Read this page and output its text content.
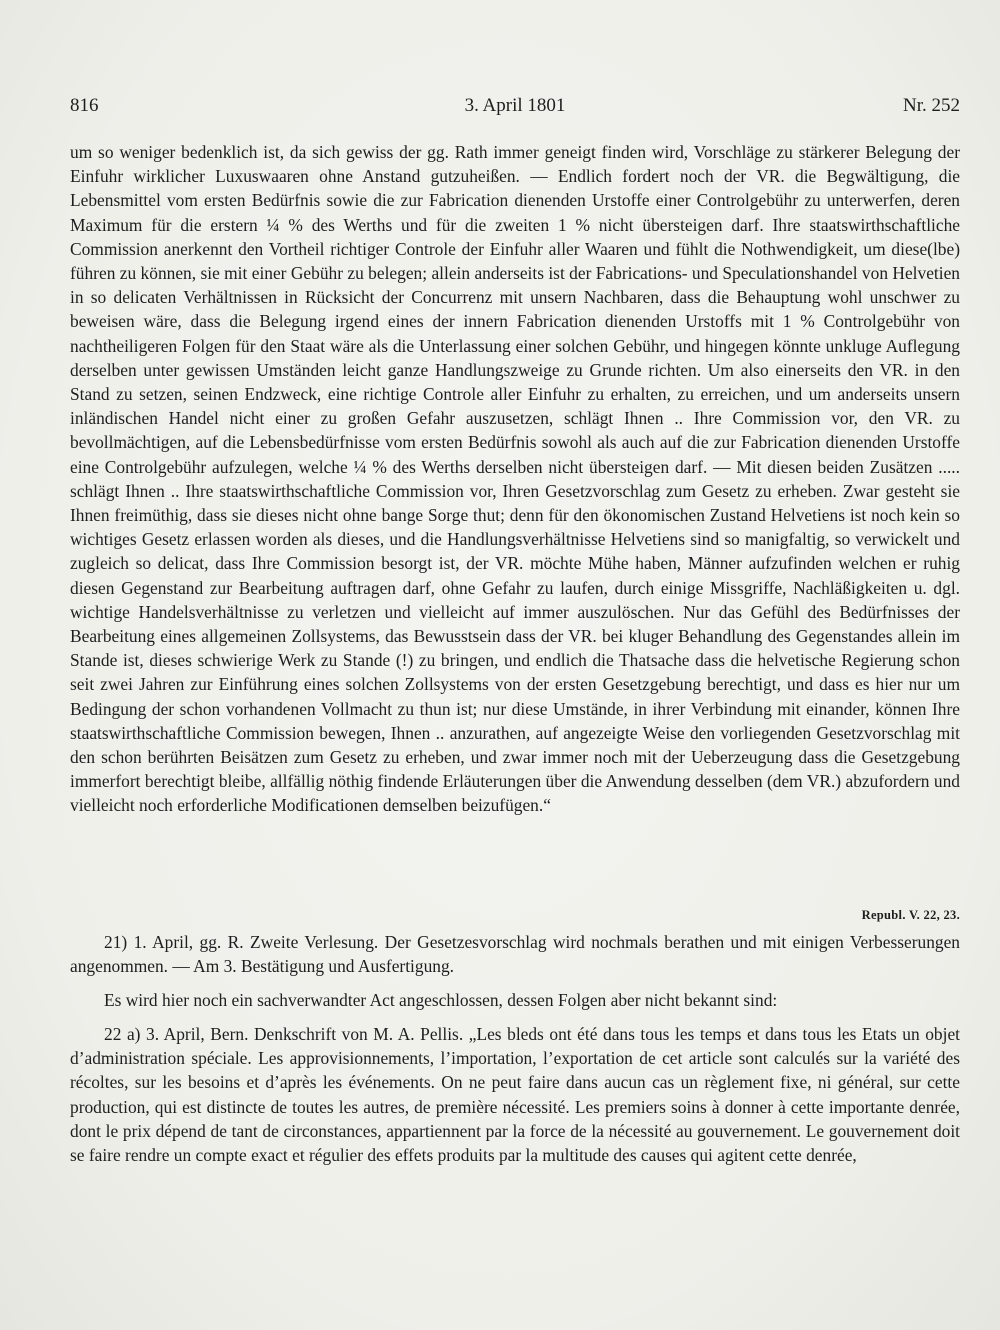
816	3. April 1801	Nr. 252

um so weniger bedenklich ist, da sich gewiss der gg. Rath immer geneigt finden wird, Vorschläge zu stärkerer Belegung der Einfuhr wirklicher Luxuswaaren ohne Anstand gutzuheißen. — Endlich fordert noch der VR. die Begwältigung, die Lebensmittel vom ersten Bedürfnis sowie die zur Fabrication dienenden Urstoffe einer Controlgebühr zu unterwerfen, deren Maximum für die erstern ¼ % des Werths und für die zweiten 1 % nicht übersteigen darf. Ihre staatswirthschaftliche Commission anerkennt den Vortheil richtiger Controle der Einfuhr aller Waaren und fühlt die Nothwendigkeit, um diese(lbe) führen zu können, sie mit einer Gebühr zu belegen; allein anderseits ist der Fabrications- und Speculationshandel von Helvetien in so delicaten Verhältnissen in Rücksicht der Concurrenz mit unsern Nachbaren, dass die Behauptung wohl unschwer zu beweisen wäre, dass die Belegung irgend eines der innern Fabrication dienenden Urstoffs mit 1 % Controlgebühr von nachtheiligeren Folgen für den Staat wäre als die Unterlassung einer solchen Gebühr, und hingegen könnte unkluge Auflegung derselben unter gewissen Umständen leicht ganze Handlungszweige zu Grunde richten. Um also einerseits den VR. in den Stand zu setzen, seinen Endzweck, eine richtige Controle aller Einfuhr zu erhalten, zu erreichen, und um anderseits unsern inländischen Handel nicht einer zu großen Gefahr auszusetzen, schlägt Ihnen .. Ihre Commission vor, den VR. zu bevollmächtigen, auf die Lebensbedürfnisse vom ersten Bedürfnis sowohl als auch auf die zur Fabrication dienenden Urstoffe eine Controlgebühr aufzulegen, welche ¼ % des Werths derselben nicht übersteigen darf. — Mit diesen beiden Zusätzen ..... schlägt Ihnen .. Ihre staatswirthschaftliche Commission vor, Ihren Gesetzvorschlag zum Gesetz zu erheben. Zwar gesteht sie Ihnen freimüthig, dass sie dieses nicht ohne bange Sorge thut; denn für den ökonomischen Zustand Helvetiens ist noch kein so wichtiges Gesetz erlassen worden als dieses, und die Handlungsverhältnisse Helvetiens sind so manigfaltig, so verwickelt und zugleich so delicat, dass Ihre Commission besorgt ist, der VR. möchte Mühe haben, Männer aufzufinden welchen er ruhig diesen Gegenstand zur Bearbeitung auftragen darf, ohne Gefahr zu laufen, durch einige Missgriffe, Nachläßigkeiten u. dgl. wichtige Handelsverhältnisse zu verletzen und vielleicht auf immer auszulöschen. Nur das Gefühl des Bedürfnisses der Bearbeitung eines allgemeinen Zollsystems, das Bewusstsein dass der VR. bei kluger Behandlung des Gegenstandes allein im Stande ist, dieses schwierige Werk zu Stande (!) zu bringen, und endlich die Thatsache dass die helvetische Regierung schon seit zwei Jahren zur Einführung eines solchen Zollsystems von der ersten Gesetzgebung berechtigt, und dass es hier nur um Bedingung der schon vorhandenen Vollmacht zu thun ist; nur diese Umstände, in ihrer Verbindung mit einander, können Ihre staatswirthschaftliche Commission bewegen, Ihnen .. anzurathen, auf angezeigte Weise den vorliegenden Gesetzvorschlag mit den schon berührten Beisätzen zum Gesetz zu erheben, und zwar immer noch mit der Ueberzeugung dass die Gesetzgebung immerfort berechtigt bleibe, allfällig nöthig findende Erläuterungen über die Anwendung desselben (dem VR.) abzufordern und vielleicht noch erforderliche Modificationen demselben beizufügen.“

Republ. V. 22, 23.

21) 1. April, gg. R. Zweite Verlesung. Der Gesetzesvorschlag wird nochmals berathen und mit einigen Verbesserungen angenommen. — Am 3. Bestätigung und Ausfertigung.

Es wird hier noch ein sachverwandter Act angeschlossen, dessen Folgen aber nicht bekannt sind:

22 a) 3. April, Bern. Denkschrift von M. A. Pellis. „Les bleds ont été dans tous les temps et dans tous les Etats un objet d’administration spéciale. Les approvisionnements, l’importation, l’exportation de cet article sont calculés sur la variété des récoltes, sur les besoins et d’après les événements. On ne peut faire dans aucun cas un règlement fixe, ni général, sur cette production, qui est distincte de toutes les autres, de première nécessité. Les premiers soins à donner à cette importante denrée, dont le prix dépend de tant de circonstances, appartiennent par la force de la nécessité au gouvernement. Le gouvernement doit se faire rendre un compte exact et régulier des effets produits par la multitude des causes qui agitent cette denrée,
